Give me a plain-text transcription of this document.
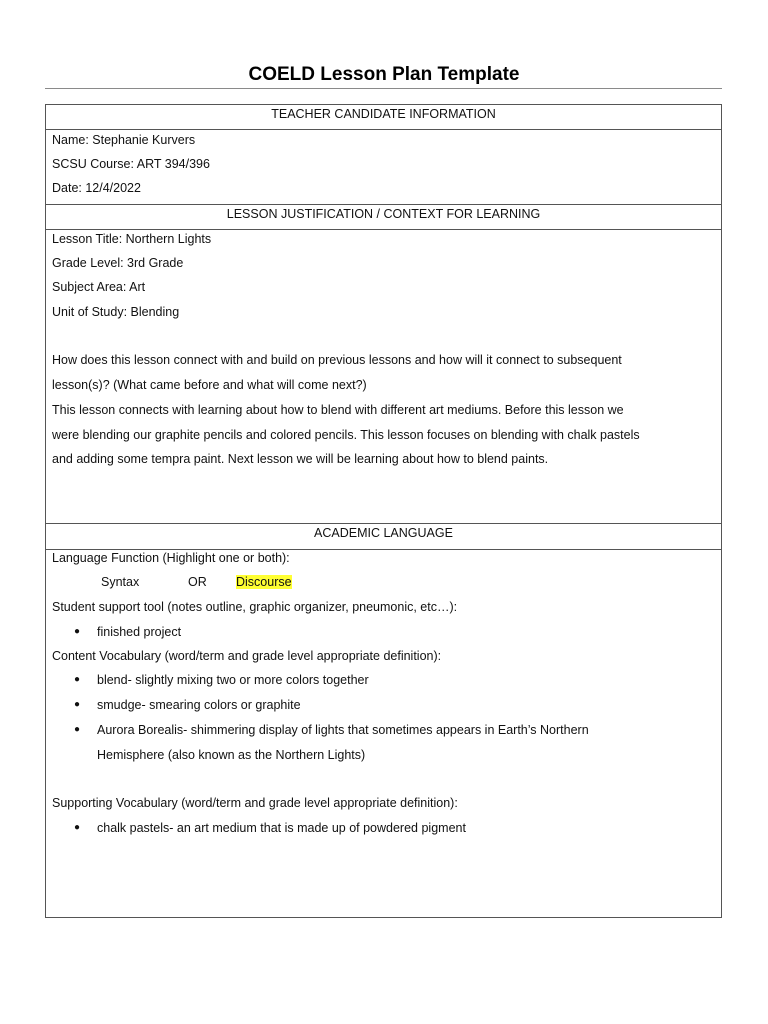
COELD Lesson Plan Template
TEACHER CANDIDATE INFORMATION
Name: Stephanie Kurvers
SCSU Course: ART 394/396
Date: 12/4/2022
LESSON JUSTIFICATION / CONTEXT FOR LEARNING
Lesson Title: Northern Lights
Grade Level: 3rd Grade
Subject Area: Art
Unit of Study: Blending
How does this lesson connect with and build on previous lessons and how will it connect to subsequent
lesson(s)? (What came before and what will come next?)
This lesson connects with learning about how to blend with different art mediums. Before this lesson we
were blending our graphite pencils and colored pencils. This lesson focuses on blending with chalk pastels
and adding some tempra paint. Next lesson we will be learning about how to blend paints.
ACADEMIC LANGUAGE
Language Function (Highlight one or both):
Syntax	OR Discourse
Student support tool (notes outline, graphic organizer, pneumonic, etc…):
● finished project
Content Vocabulary (word/term and grade level appropriate definition):
● blend- slightly mixing two or more colors together
● smudge- smearing colors or graphite
● Aurora Borealis- shimmering display of lights that sometimes appears in Earth’s Northern
Hemisphere (also known as the Northern Lights)
Supporting Vocabulary (word/term and grade level appropriate definition):
● chalk pastels- an art medium that is made up of powdered pigment
